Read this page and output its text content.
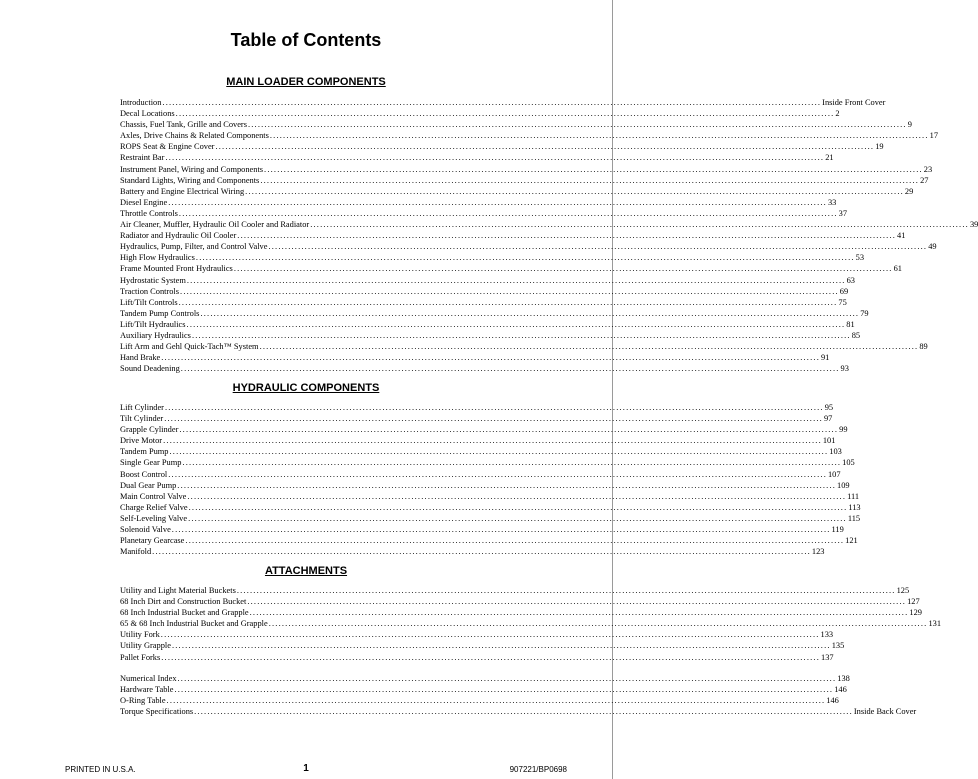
Table of Contents
MAIN LOADER COMPONENTS
Introduction ........................................................................................................................................................................................................ Inside Front Cover
Decal Locations ........................................................................................................................................................................................................ 2
Chassis, Fuel Tank, Grille and Covers ........................................................................................................................................................................................................ 9
Axles, Drive Chains & Related Components ........................................................................................................................................................................................................ 17
ROPS Seat & Engine Cover ........................................................................................................................................................................................................ 19
Restraint Bar ........................................................................................................................................................................................................ 21
Instrument Panel, Wiring and Components ........................................................................................................................................................................................................ 23
Standard Lights, Wiring and Components ........................................................................................................................................................................................................ 27
Battery and Engine Electrical Wiring ........................................................................................................................................................................................................ 29
Diesel Engine ........................................................................................................................................................................................................ 33
Throttle Controls ........................................................................................................................................................................................................ 37
Air Cleaner, Muffler, Hydraulic Oil Cooler and Radiator ........................................................................................................................................................................................................ 39
Radiator and Hydraulic Oil Cooler ........................................................................................................................................................................................................ 41
Hydraulics, Pump, Filter, and Control Valve ........................................................................................................................................................................................................ 49
High Flow Hydraulics ........................................................................................................................................................................................................ 53
Frame Mounted Front Hydraulics ........................................................................................................................................................................................................ 61
Hydrostatic System ........................................................................................................................................................................................................ 63
Traction Controls ........................................................................................................................................................................................................ 69
Lift/Tilt Controls ........................................................................................................................................................................................................ 75
Tandem Pump Controls ........................................................................................................................................................................................................ 79
Lift/Tilt Hydraulics ........................................................................................................................................................................................................ 81
Auxiliary Hydraulics ........................................................................................................................................................................................................ 85
Lift Arm and Gehl Quick-Tach™ System ........................................................................................................................................................................................................ 89
Hand Brake ........................................................................................................................................................................................................ 91
Sound Deadening ........................................................................................................................................................................................................ 93
HYDRAULIC COMPONENTS
Lift Cylinder ........................................................................................................................................................................................................ 95
Tilt Cylinder ........................................................................................................................................................................................................ 97
Grapple Cylinder ........................................................................................................................................................................................................ 99
Drive Motor ........................................................................................................................................................................................................ 101
Tandem Pump ........................................................................................................................................................................................................ 103
Single Gear Pump ........................................................................................................................................................................................................ 105
Boost Control ........................................................................................................................................................................................................ 107
Dual Gear Pump ........................................................................................................................................................................................................ 109
Main Control Valve ........................................................................................................................................................................................................ 111
Charge Relief Valve ........................................................................................................................................................................................................ 113
Self-Leveling Valve ........................................................................................................................................................................................................ 115
Solenoid Valve ........................................................................................................................................................................................................ 119
Planetary Gearcase ........................................................................................................................................................................................................ 121
Manifold ........................................................................................................................................................................................................ 123
ATTACHMENTS
Utility and Light Material Buckets ........................................................................................................................................................................................................ 125
68 Inch Dirt and Construction Bucket ........................................................................................................................................................................................................ 127
68 Inch Industrial Bucket and Grapple ........................................................................................................................................................................................................ 129
65 & 68 Inch Industrial Bucket and Grapple ........................................................................................................................................................................................................ 131
Utility Fork ........................................................................................................................................................................................................ 133
Utility Grapple ........................................................................................................................................................................................................ 135
Pallet Forks ........................................................................................................................................................................................................ 137
Numerical Index ........................................................................................................................................................................................................ 138
Hardware Table ........................................................................................................................................................................................................ 146
O-Ring Table ........................................................................................................................................................................................................ 146
Torque Specifications ........................................................................................................................................................................................................ Inside Back Cover
PRINTED IN U.S.A.	1	907221/BP0698
